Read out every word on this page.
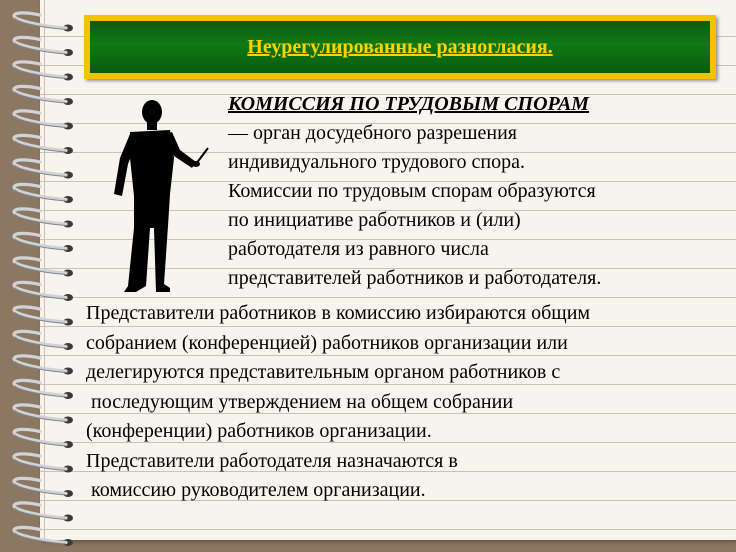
Неурегулированные разногласия.
КОМИССИЯ ПО ТРУДОВЫМ СПОРАМ
— орган досудебного разрешения
индивидуального трудового спора.
Комиссии по трудовым спорам образуются
по инициативе работников и (или)
работодателя из равного числа
представителей работников и работодателя.
Представители работников в комиссию избираются общим
собранием (конференцией) работников организации или
делегируются представительным органом работников с
последующим утверждением на общем собрании
(конференции) работников организации.
Представители работодателя назначаются в
комиссию руководителем организации.
